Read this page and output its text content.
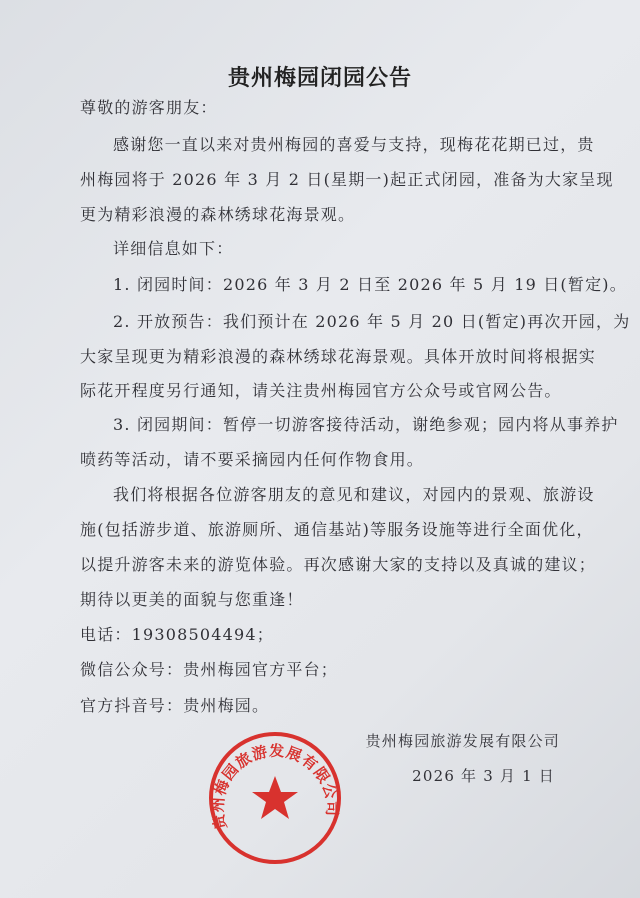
贵州梅园闭园公告
尊敬的游客朋友：
感谢您一直以来对贵州梅园的喜爱与支持，现梅花花期已过，贵
州梅园将于 2026 年 3 月 2 日(星期一)起正式闭园，准备为大家呈现
更为精彩浪漫的森林绣球花海景观。
详细信息如下：
1. 闭园时间：2026 年 3 月 2 日至 2026 年 5 月 19 日(暂定)。
2. 开放预告：我们预计在 2026 年 5 月 20 日(暂定)再次开园，为
大家呈现更为精彩浪漫的森林绣球花海景观。具体开放时间将根据实
际花开程度另行通知，请关注贵州梅园官方公众号或官网公告。
3. 闭园期间：暂停一切游客接待活动，谢绝参观；园内将从事养护
喷药等活动，请不要采摘园内任何作物食用。
我们将根据各位游客朋友的意见和建议，对园内的景观、旅游设
施(包括游步道、旅游厕所、通信基站)等服务设施等进行全面优化，
以提升游客未来的游览体验。再次感谢大家的支持以及真诚的建议；
期待以更美的面貌与您重逢！
电话：19308504494；
微信公众号：贵州梅园官方平台；
官方抖音号：贵州梅园。
贵州梅园旅游发展有限公司
2026 年 3 月 1 日
贵州梅园旅游发展有限公司
